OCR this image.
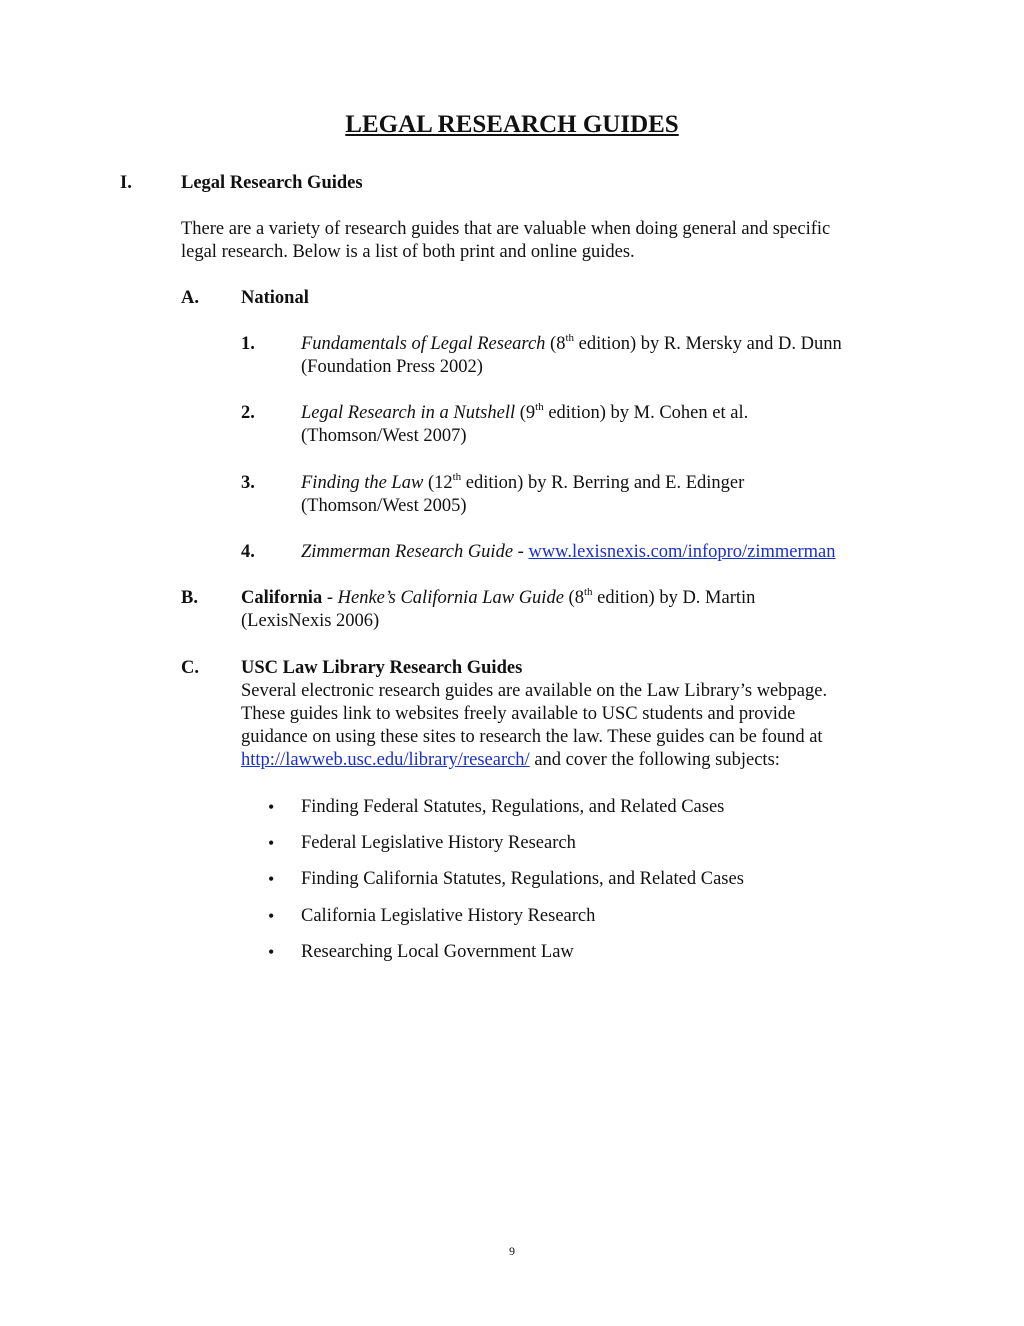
LEGAL RESEARCH GUIDES
I.	Legal Research Guides
There are a variety of research guides that are valuable when doing general and specific
legal research. Below is a list of both print and online guides.
A. National
1. Fundamentals of Legal Research (8th edition) by R. Mersky and D. Dunn
(Foundation Press 2002)
2. Legal Research in a Nutshell (9th edition) by M. Cohen et al.
(Thomson/West 2007)
3. Finding the Law (12th edition) by R. Berring and E. Edinger
(Thomson/West 2005)
4. Zimmerman Research Guide - www.lexisnexis.com/infopro/zimmerman
B. California - Henke’s California Law Guide (8th edition) by D. Martin
(LexisNexis 2006)
C. USC Law Library Research Guides
Several electronic research guides are available on the Law Library’s webpage.
These guides link to websites freely available to USC students and provide
guidance on using these sites to research the law. These guides can be found at
http://lawweb.usc.edu/library/research/ and cover the following subjects:
• Finding Federal Statutes, Regulations, and Related Cases
• Federal Legislative History Research
• Finding California Statutes, Regulations, and Related Cases
• California Legislative History Research
• Researching Local Government Law
9
